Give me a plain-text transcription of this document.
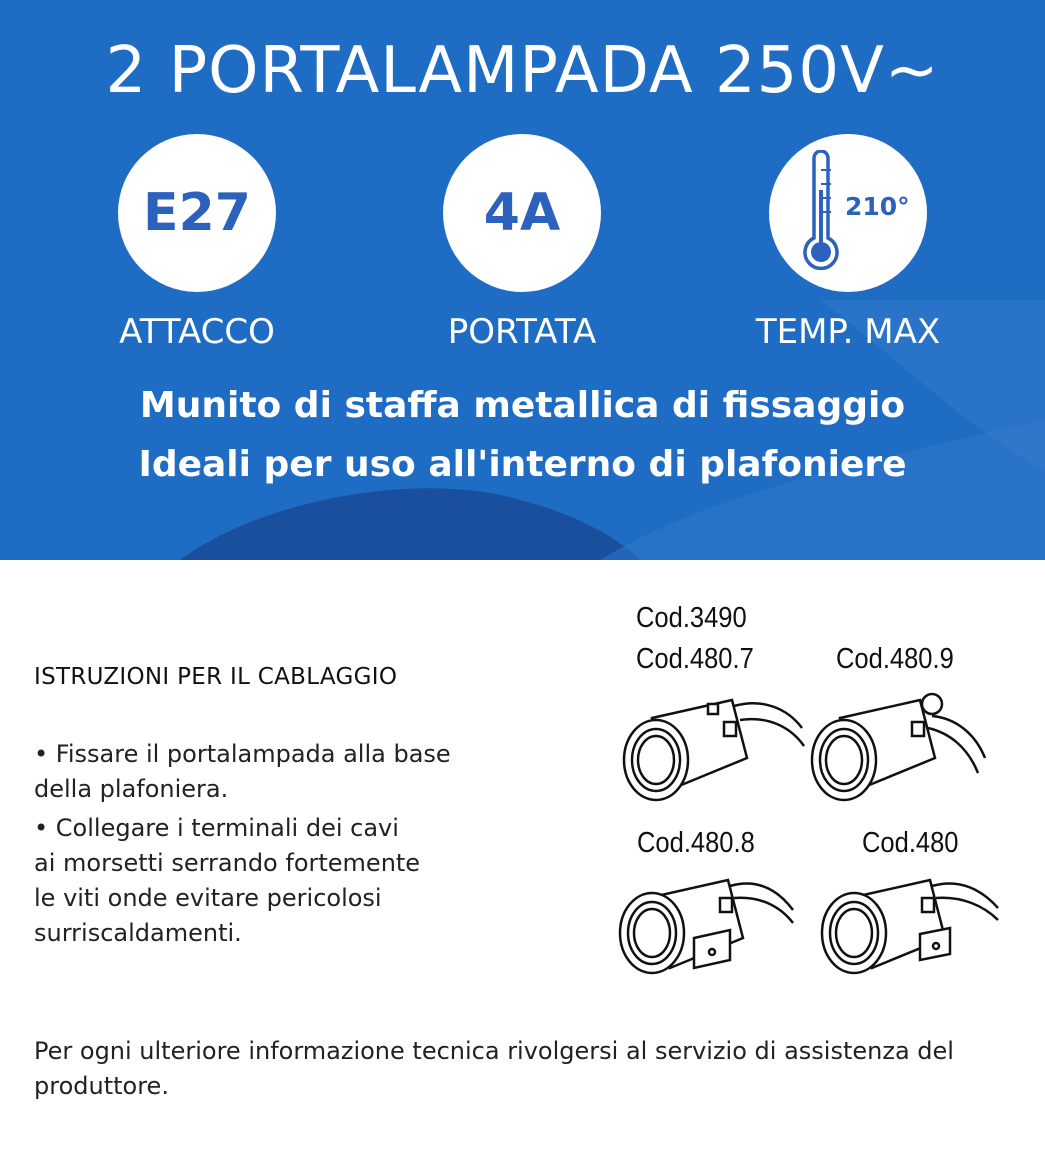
2 PORTALAMPADA 250V~
E27
ATTACCO
4A
PORTATA
210°
TEMP. MAX
Munito di staffa metallica di fissaggio
Ideali per uso all'interno di plafoniere
ISTRUZIONI PER IL CABLAGGIO
• Fissare il portalampada alla base
della plafoniera.
• Collegare i terminali dei cavi
ai morsetti serrando fortemente
le viti onde evitare pericolosi
surriscaldamenti.
Cod.3490
Cod.480.7	Cod.480.9
Cod.480.8	Cod.480
Per ogni ulteriore informazione tecnica rivolgersi al servizio di assistenza del produttore.
